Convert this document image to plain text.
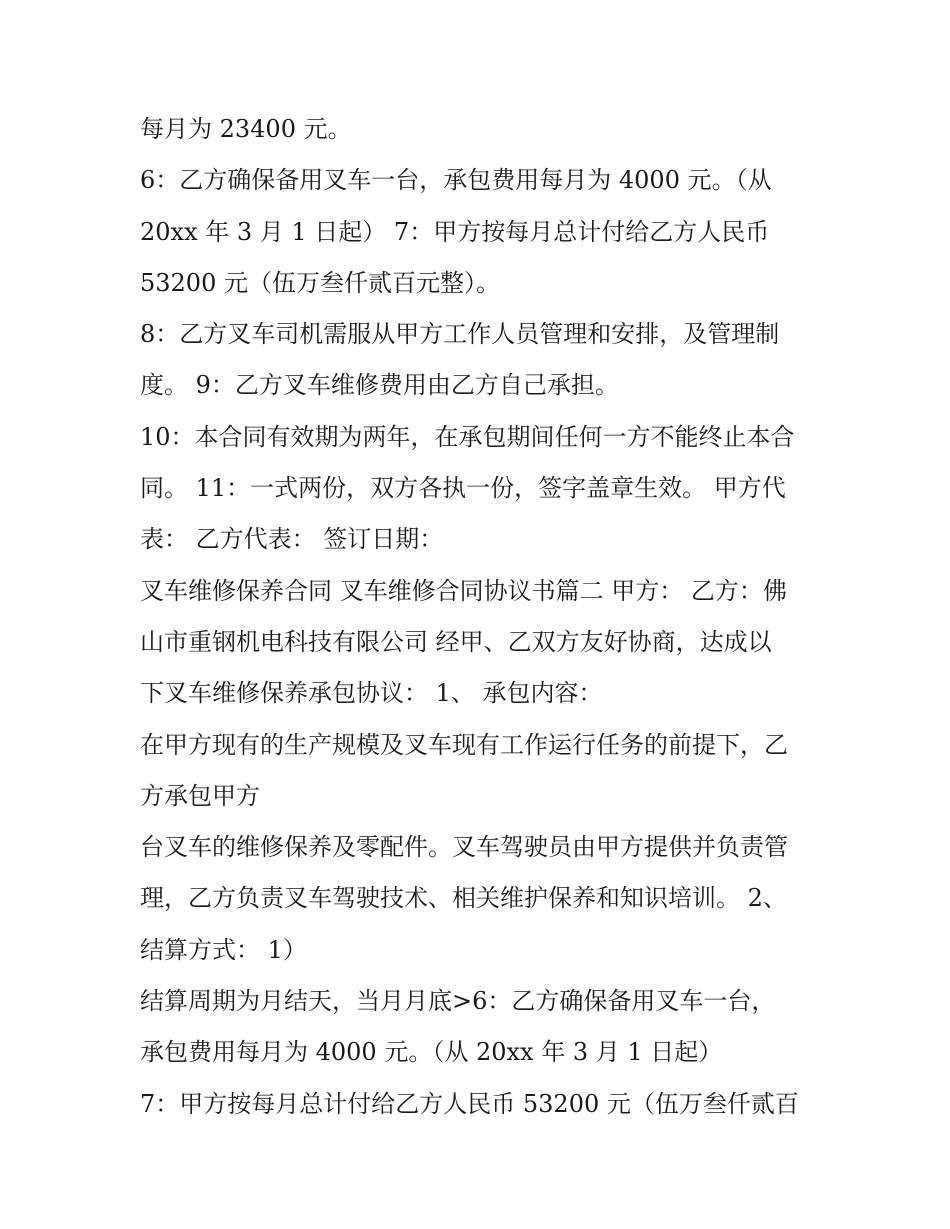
每月为 23400 元。
6：乙方确保备用叉车一台，承包费用每月为 4000 元。（从
20xx 年 3 月 1 日起） 7：甲方按每月总计付给乙方人民币
53200 元（伍万叁仟贰百元整）。
8：乙方叉车司机需服从甲方工作人员管理和安排，及管理制
度。 9：乙方叉车维修费用由乙方自己承担。
10：本合同有效期为两年，在承包期间任何一方不能终止本合
同。 11：一式两份，双方各执一份，签字盖章生效。 甲方代
表： 乙方代表： 签订日期：
叉车维修保养合同 叉车维修合同协议书篇二 甲方： 乙方：佛
山市重钢机电科技有限公司 经甲、乙双方友好协商，达成以
下叉车维修保养承包协议： 1、 承包内容：
在甲方现有的生产规模及叉车现有工作运行任务的前提下，乙
方承包甲方
台叉车的维修保养及零配件。叉车驾驶员由甲方提供并负责管
理，乙方负责叉车驾驶技术、相关维护保养和知识培训。 2、
结算方式： 1）
结算周期为月结天，当月月底>6：乙方确保备用叉车一台，
承包费用每月为 4000 元。（从 20xx 年 3 月 1 日起）
7：甲方按每月总计付给乙方人民币 53200 元（伍万叁仟贰百
